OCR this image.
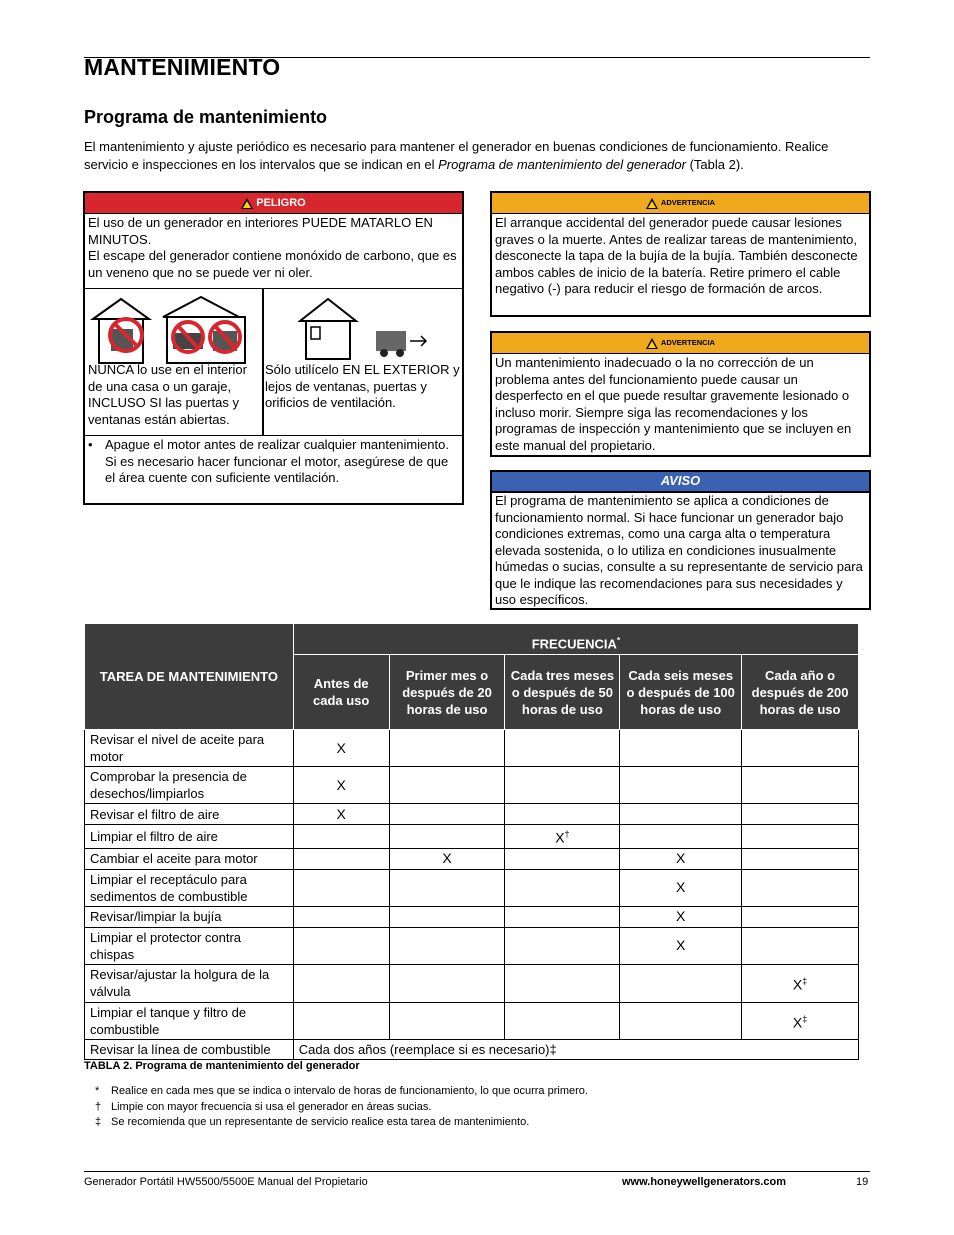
MANTENIMIENTO
Programa de mantenimiento

El mantenimiento y ajuste periódico es necesario para mantener el generador en buenas condiciones de funcionamiento. Realice servicio e inspecciones en los intervalos que se indican en el Programa de mantenimiento del generador (Tabla 2).

PELIGRO
El uso de un generador en interiores PUEDE MATARLO EN MINUTOS.
El escape del generador contiene monóxido de carbono, que es un veneno que no se puede ver ni oler.
NUNCA lo use en el interior de una casa o un garaje, INCLUSO SI las puertas y ventanas están abiertas.
Sólo utilícelo EN EL EXTERIOR y lejos de ventanas, puertas y orificios de ventilación.
• Apague el motor antes de realizar cualquier mantenimiento. Si es necesario hacer funcionar el motor, asegúrese de que el área cuente con suficiente ventilación.
ADVERTENCIA
El arranque accidental del generador puede causar lesiones graves o la muerte. Antes de realizar tareas de mantenimiento, desconecte la tapa de la bujía de la bujía. También desconecte ambos cables de inicio de la batería. Retire primero el cable negativo (-) para reducir el riesgo de formación de arcos.
ADVERTENCIA
Un mantenimiento inadecuado o la no corrección de un problema antes del funcionamiento puede causar un desperfecto en el que puede resultar gravemente lesionado o incluso morir. Siempre siga las recomendaciones y los programas de inspección y mantenimiento que se incluyen en este manual del propietario.
AVISO
El programa de mantenimiento se aplica a condiciones de funcionamiento normal. Si hace funcionar un generador bajo condiciones extremas, como una carga alta o temperatura elevada sostenida, o lo utiliza en condiciones inusualmente húmedas o sucias, consulte a su representante de servicio para que le indique las recomendaciones para sus necesidades y uso específicos.
TAREA DE MANTENIMIENTO	FRECUENCIA*
	Antes de cada uso	Primer mes o después de 20 horas de uso	Cada tres meses o después de 50 horas de uso	Cada seis meses o después de 100 horas de uso	Cada año o después de 200 horas de uso
Revisar el nivel de aceite para motor	X				
Comprobar la presencia de desechos/limpiarlos	X				
Revisar el filtro de aire	X				
Limpiar el filtro de aire			X†		
Cambiar el aceite para motor		X		X	
Limpiar el receptáculo para sedimentos de combustible				X	
Revisar/limpiar la bujía				X	
Limpiar el protector contra chispas				X	
Revisar/ajustar la holgura de la válvula					X‡
Limpiar el tanque y filtro de combustible					X‡
Revisar la línea de combustible	Cada dos años (reemplace si es necesario)‡				
TABLA 2. Programa de mantenimiento del generador
* Realice en cada mes que se indica o intervalo de horas de funcionamiento, lo que ocurra primero.
† Limpie con mayor frecuencia si usa el generador en áreas sucias.
‡ Se recomienda que un representante de servicio realice esta tarea de mantenimiento.
Generador Portátil HW5500/5500E Manual del Propietario	www.honeywellgenerators.com	19
